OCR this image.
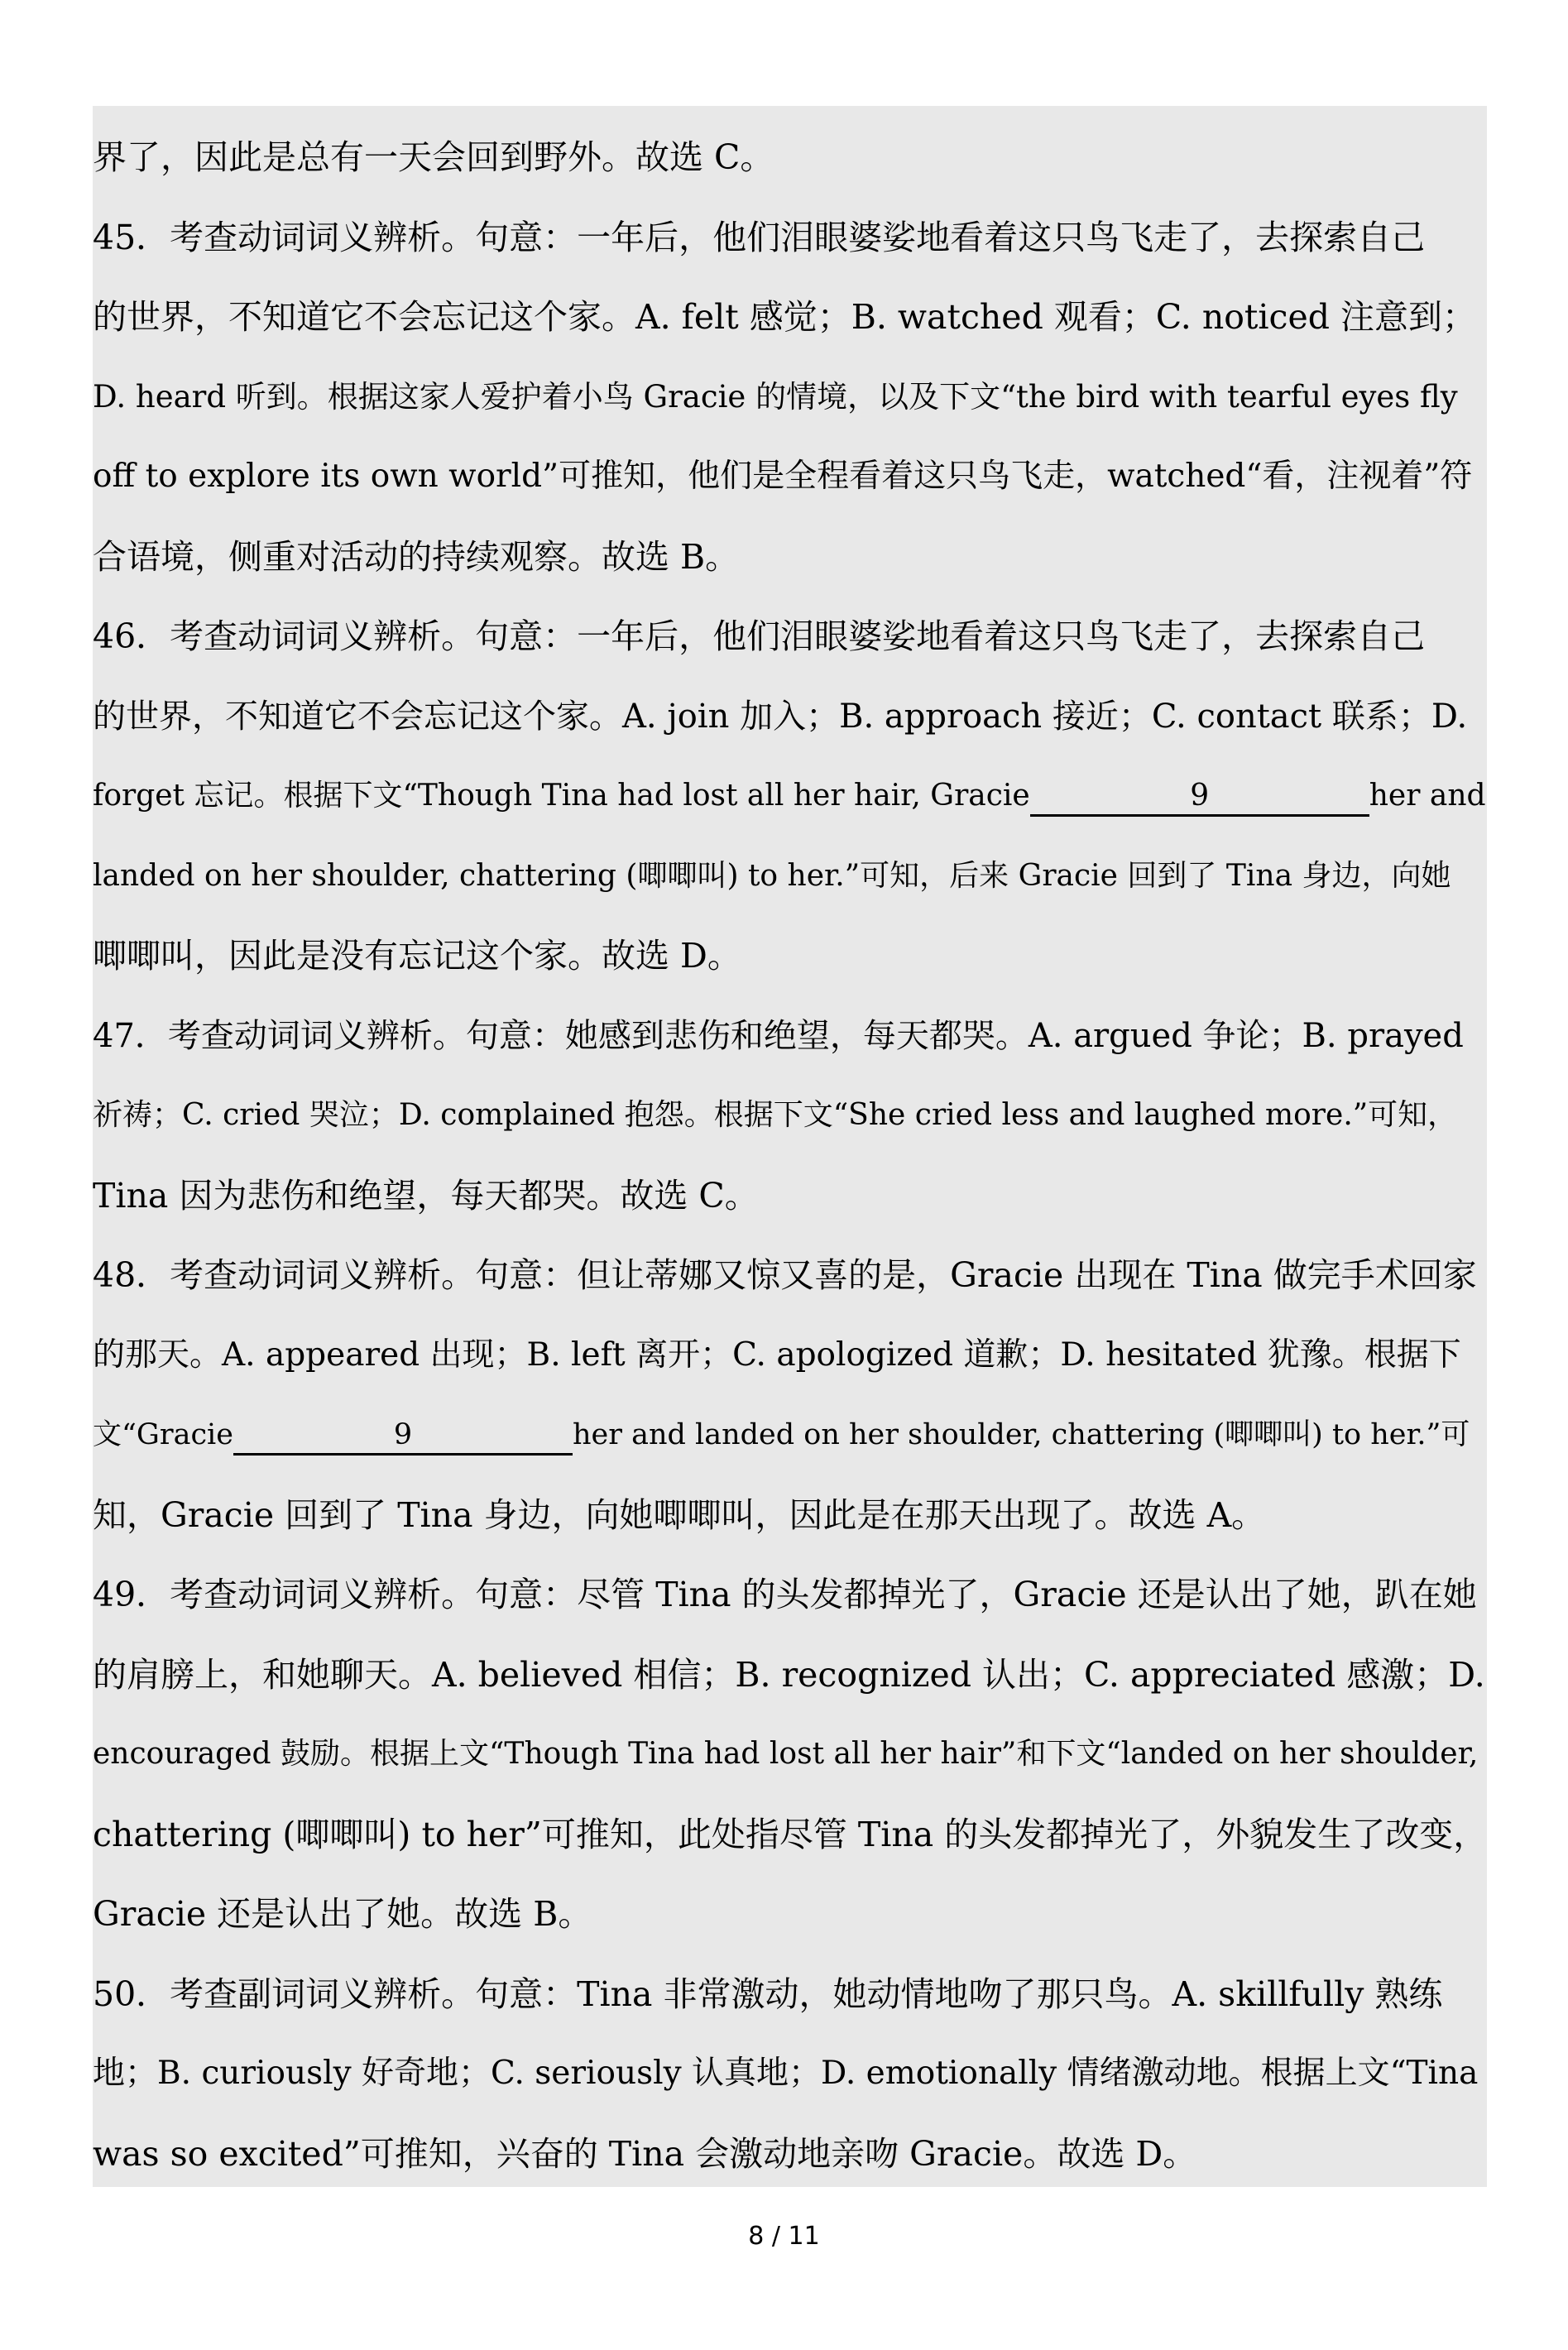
界了，因此是总有一天会回到野外。故选 C。
45．考查动词词义辨析。句意：一年后，他们泪眼婆娑地看着这只鸟飞走了，去探索自己
的世界，不知道它不会忘记这个家。A. felt 感觉；B. watched 观看；C. noticed 注意到；
D. heard 听到。根据这家人爱护着小鸟 Gracie 的情境，以及下文“the bird with tearful eyes fly
off to explore its own world”可推知，他们是全程看着这只鸟飞走，watched“看，注视着”符
合语境，侧重对活动的持续观察。故选 B。
46．考查动词词义辨析。句意：一年后，他们泪眼婆娑地看着这只鸟飞走了，去探索自己
的世界，不知道它不会忘记这个家。A. join 加入；B. approach 接近；C. contact 联系；D.
forget 忘记。根据下文“Though Tina had lost all her hair, Gracie	9	her and
landed on her shoulder, chattering (唧唧叫) to her.”可知，后来 Gracie 回到了 Tina 身边，向她
唧唧叫，因此是没有忘记这个家。故选 D。
47．考查动词词义辨析。句意：她感到悲伤和绝望，每天都哭。A. argued 争论；B. prayed
祈祷；C. cried 哭泣；D. complained 抱怨。根据下文“She cried less and laughed more.”可知，
Tina 因为悲伤和绝望，每天都哭。故选 C。
48．考查动词词义辨析。句意：但让蒂娜又惊又喜的是，Gracie 出现在 Tina 做完手术回家
的那天。A. appeared 出现；B. left 离开；C. apologized 道歉；D. hesitated 犹豫。根据下
文“Gracie	9	her and landed on her shoulder, chattering (唧唧叫) to her.”可
知，Gracie 回到了 Tina 身边，向她唧唧叫，因此是在那天出现了。故选 A。
49．考查动词词义辨析。句意：尽管 Tina 的头发都掉光了，Gracie 还是认出了她，趴在她
的肩膀上，和她聊天。A. believed 相信；B. recognized 认出；C. appreciated 感激；D.
encouraged 鼓励。根据上文“Though Tina had lost all her hair”和下文“landed on her shoulder,
chattering (唧唧叫) to her”可推知，此处指尽管 Tina 的头发都掉光了，外貌发生了改变，
Gracie 还是认出了她。故选 B。
50．考查副词词义辨析。句意：Tina 非常激动，她动情地吻了那只鸟。A. skillfully 熟练
地；B. curiously 好奇地；C. seriously 认真地；D. emotionally 情绪激动地。根据上文“Tina
was so excited”可推知，兴奋的 Tina 会激动地亲吻 Gracie。故选 D。
8 / 11
